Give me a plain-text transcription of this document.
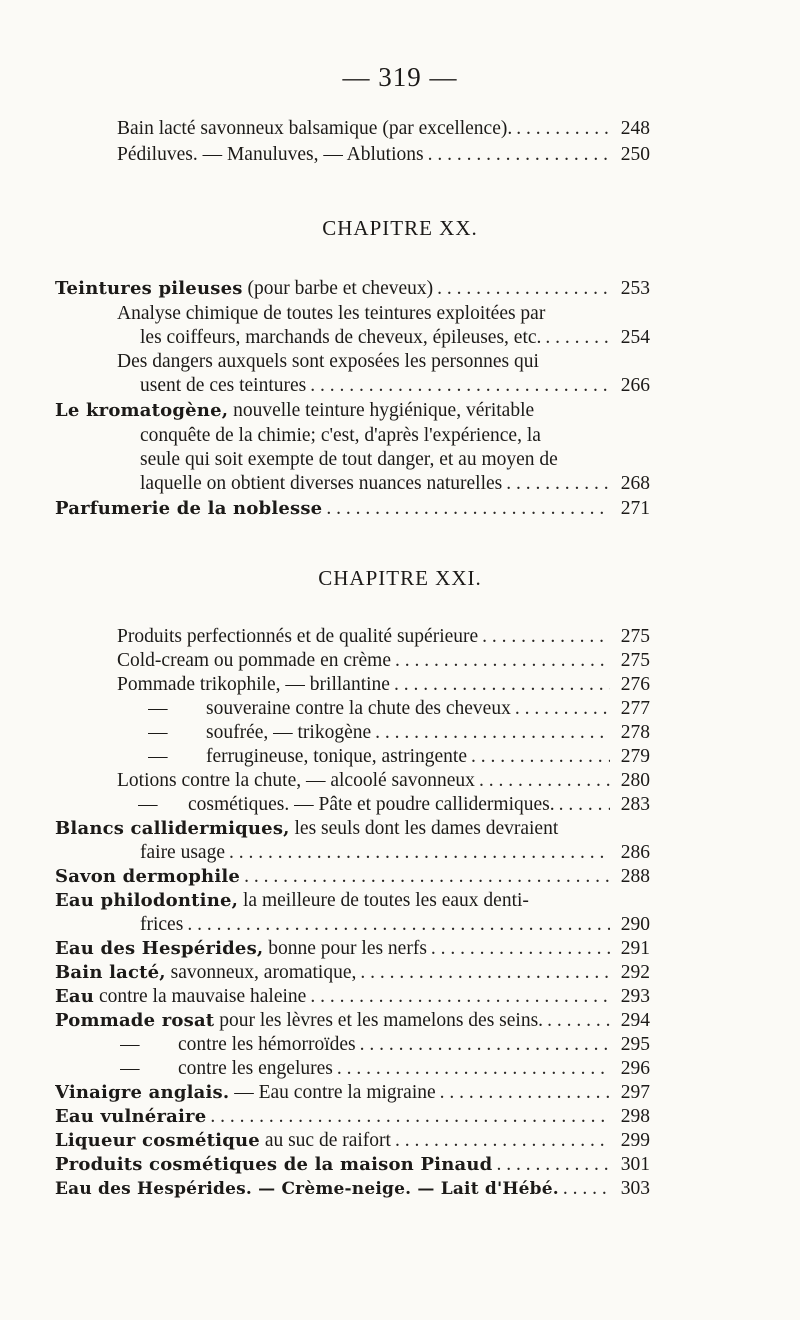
— 319 —
Bain lacté savonneux balsamique (par excellence). . . .	248
Pédiluves. — Manuluves, — Ablutions . . .	250
CHAPITRE XX.
Teintures pileuses (pour barbe et cheveux) . . .	253
Analyse chimique de toutes les teintures exploitées par
les coiffeurs, marchands de cheveux, épileuses, etc. . . .	254
Des dangers auxquels sont exposées les personnes qui
usent de ces teintures . . .	266
Le kromatogène, nouvelle teinture hygiénique, véritable
conquête de la chimie; c'est, d'après l'expérience, la
seule qui soit exempte de tout danger, et au moyen de
laquelle on obtient diverses nuances naturelles . . .	268
Parfumerie de la noblesse . . .	271
CHAPITRE XXI.
Produits perfectionnés et de qualité supérieure . . .	275
Cold-cream ou pommade en crème . . .	275
Pommade trikophile, — brillantine . . .	276
— souveraine contre la chute des cheveux . . .	277
— soufrée, — trikogène . . .	278
— ferrugineuse, tonique, astringente . . .	279
Lotions contre la chute, — alcoolé savonneux . . .	280
— cosmétiques. — Pâte et poudre callidermiques. . . .	283
Blancs callidermiques, les seuls dont les dames devraient
faire usage . . .	286
Savon dermophile . . .	288
Eau philodontine, la meilleure de toutes les eaux denti-
frices . . .	290
Eau des Hespérides, bonne pour les nerfs . . .	291
Bain lacté, savonneux, aromatique, . . .	292
Eau contre la mauvaise haleine . . .	293
Pommade rosat pour les lèvres et les mamelons des seins. . . .	294
— contre les hémorroïdes . . .	295
— contre les engelures . . .	296
Vinaigre anglais. — Eau contre la migraine . . .	297
Eau vulnéraire . . .	298
Liqueur cosmétique au suc de raifort . . .	299
Produits cosmétiques de la maison Pinaud . . .	301
Eau des Hespérides. — Crème-neige. — Lait d'Hébé. . . .	303
